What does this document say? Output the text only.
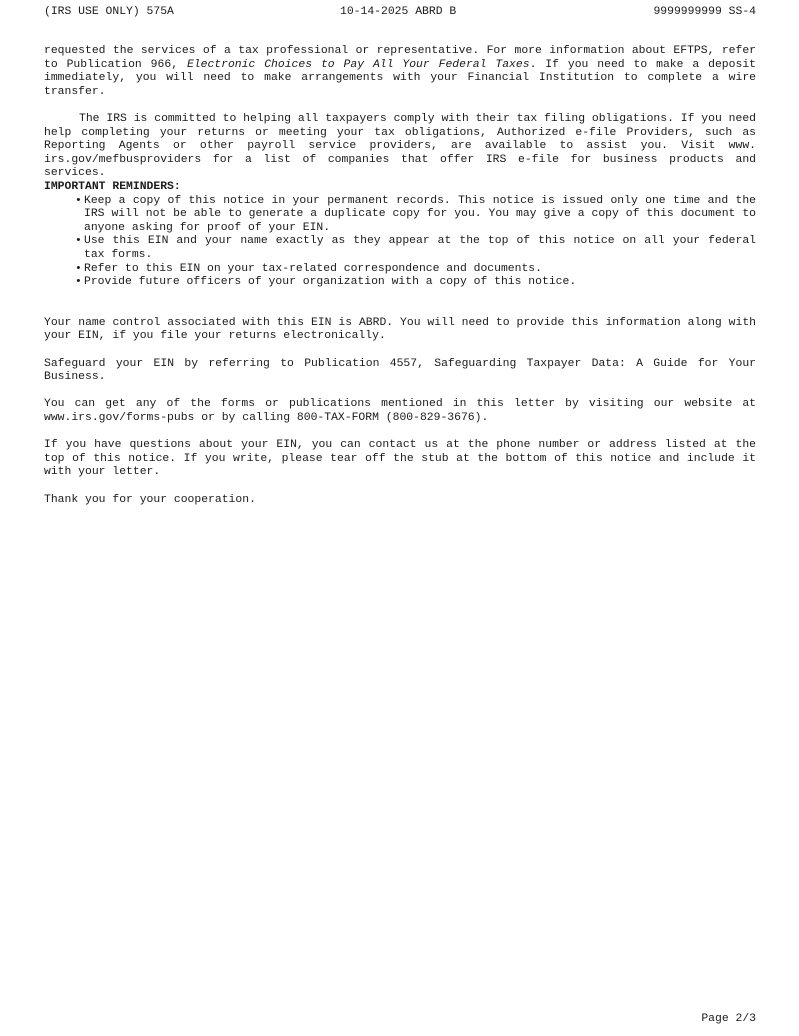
(IRS USE ONLY) 575A	10-14-2025 ABRD B	9999999999 SS-4

requested the services of a tax professional or representative. For more information about EFTPS, refer to Publication 966, Electronic Choices to Pay All Your Federal Taxes. If you need to make a deposit immediately, you will need to make arrangements with your Financial Institution to complete a wire transfer.

The IRS is committed to helping all taxpayers comply with their tax filing obligations. If you need help completing your returns or meeting your tax obligations, Authorized e-file Providers, such as Reporting Agents or other payroll service providers, are available to assist you. Visit www. irs.gov/mefbusproviders for a list of companies that offer IRS e-file for business products and services.

IMPORTANT REMINDERS:

• Keep a copy of this notice in your permanent records. This notice is issued only one time and the IRS will not be able to generate a duplicate copy for you. You may give a copy of this document to anyone asking for proof of your EIN.
• Use this EIN and your name exactly as they appear at the top of this notice on all your federal tax forms.
• Refer to this EIN on your tax-related correspondence and documents.
• Provide future officers of your organization with a copy of this notice.

Your name control associated with this EIN is ABRD. You will need to provide this information along with your EIN, if you file your returns electronically.

Safeguard your EIN by referring to Publication 4557, Safeguarding Taxpayer Data: A Guide for Your Business.

You can get any of the forms or publications mentioned in this letter by visiting our website at www.irs.gov/forms-pubs or by calling 800-TAX-FORM (800-829-3676).

If you have questions about your EIN, you can contact us at the phone number or address listed at the top of this notice. If you write, please tear off the stub at the bottom of this notice and include it with your letter.

Thank you for your cooperation.

Page 2/3
